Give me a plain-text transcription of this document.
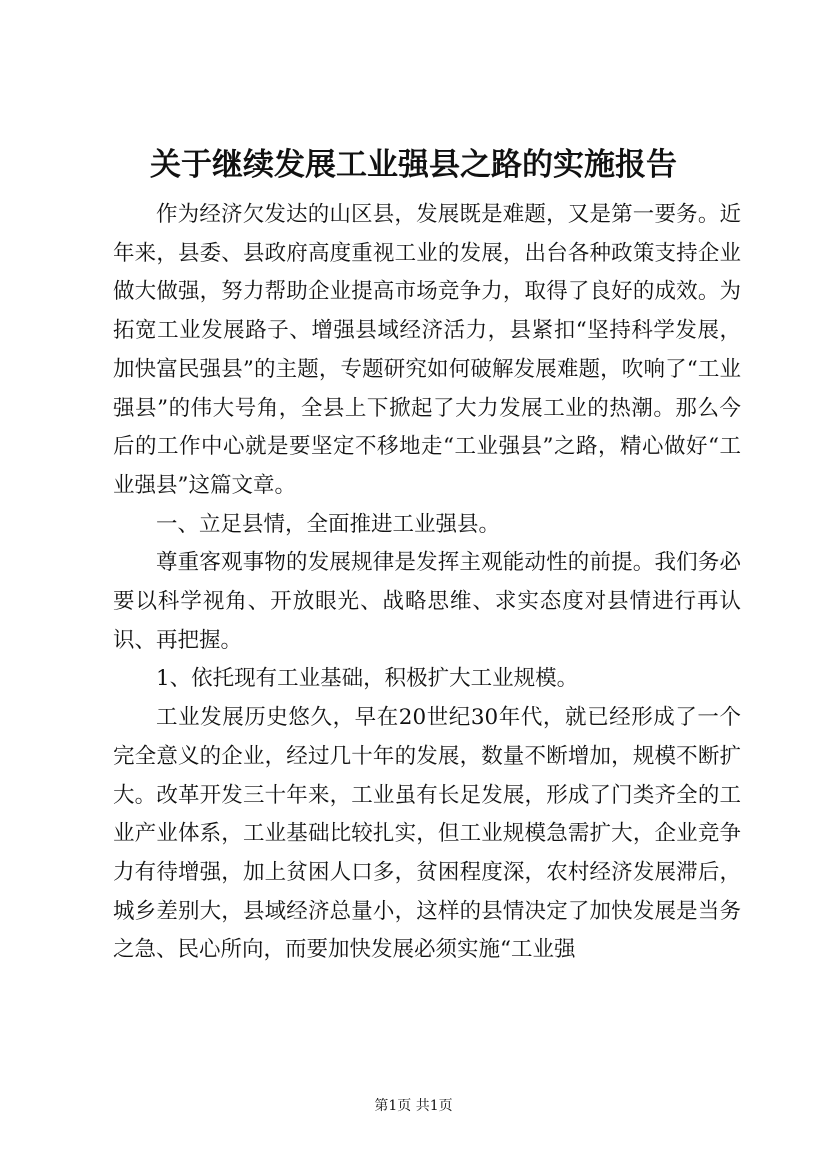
关于继续发展工业强县之路的实施报告

作为经济欠发达的山区县，发展既是难题，又是第一要务。近年来，县委、县政府高度重视工业的发展，出台各种政策支持企业做大做强，努力帮助企业提高市场竞争力，取得了良好的成效。为拓宽工业发展路子、增强县域经济活力，县紧扣“坚持科学发展，加快富民强县”的主题，专题研究如何破解发展难题，吹响了“工业强县”的伟大号角，全县上下掀起了大力发展工业的热潮。那么今后的工作中心就是要坚定不移地走“工业强县”之路，精心做好“工业强县”这篇文章。

一、立足县情，全面推进工业强县。

尊重客观事物的发展规律是发挥主观能动性的前提。我们务必要以科学视角、开放眼光、战略思维、求实态度对县情进行再认识、再把握。

1、依托现有工业基础，积极扩大工业规模。

工业发展历史悠久，早在20世纪30年代，就已经形成了一个完全意义的企业，经过几十年的发展，数量不断增加，规模不断扩大。改革开发三十年来，工业虽有长足发展，形成了门类齐全的工业产业体系，工业基础比较扎实，但工业规模急需扩大，企业竞争力有待增强，加上贫困人口多，贫困程度深，农村经济发展滞后，城乡差别大，县域经济总量小，这样的县情决定了加快发展是当务之急、民心所向，而要加快发展必须实施“工业强

第1页 共1页
